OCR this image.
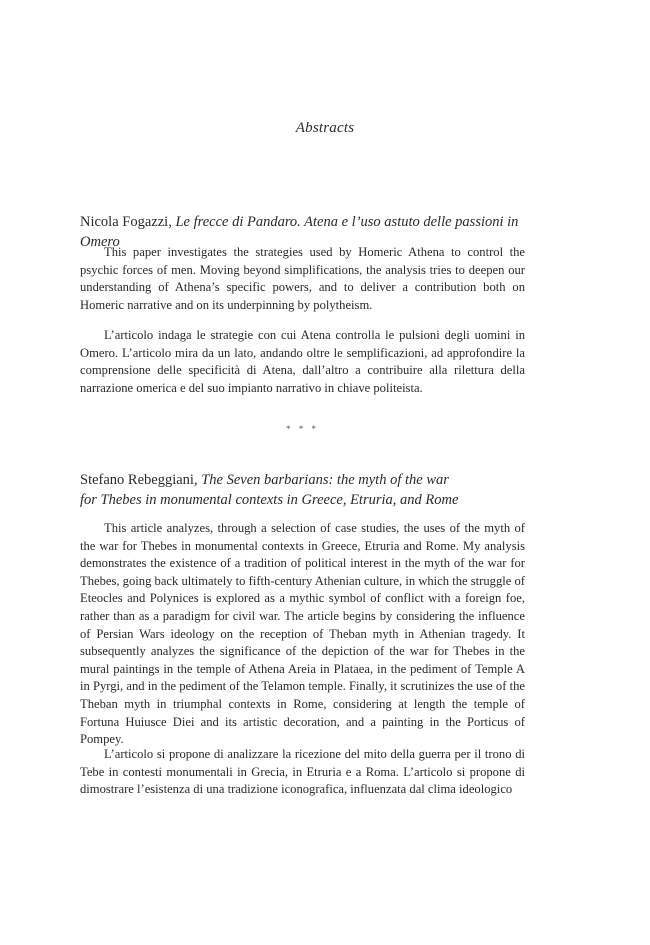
Abstracts

Nicola Fogazzi, Le frecce di Pandaro. Atena e l’uso astuto delle passioni in Omero

This paper investigates the strategies used by Homeric Athena to control the psychic forces of men. Moving beyond simplifications, the analysis tries to deepen our understanding of Athena’s specific powers, and to deliver a contribution both on Homeric narrative and on its underpinning by polytheism.

L’articolo indaga le strategie con cui Atena controlla le pulsioni degli uomini in Omero. L’articolo mira da un lato, andando oltre le semplificazioni, ad approfondire la comprensione delle specificità di Atena, dall’altro a contribuire alla rilettura della narrazione omerica e del suo impianto narrativo in chiave politeista.

* * *

Stefano Rebeggiani, The Seven barbarians: the myth of the war
for Thebes in monumental contexts in Greece, Etruria, and Rome

This article analyzes, through a selection of case studies, the uses of the myth of the war for Thebes in monumental contexts in Greece, Etruria and Rome. My analysis demonstrates the existence of a tradition of political interest in the myth of the war for Thebes, going back ultimately to fifth-century Athenian culture, in which the struggle of Eteocles and Polynices is explored as a mythic symbol of conflict with a foreign foe, rather than as a paradigm for civil war. The article begins by considering the influence of Persian Wars ideology on the reception of Theban myth in Athenian tragedy. It subsequently analyzes the significance of the depiction of the war for Thebes in the mural paintings in the temple of Athena Areia in Plataea, in the pediment of Temple A in Pyrgi, and in the pediment of the Telamon temple. Finally, it scrutinizes the use of the Theban myth in triumphal contexts in Rome, considering at length the temple of Fortuna Huiusce Diei and its artistic decoration, and a painting in the Porticus of Pompey.

L’articolo si propone di analizzare la ricezione del mito della guerra per il trono di Tebe in contesti monumentali in Grecia, in Etruria e a Roma. L’articolo si propone di dimostrare l’esistenza di una tradizione iconografica, influenzata dal clima ideologico
